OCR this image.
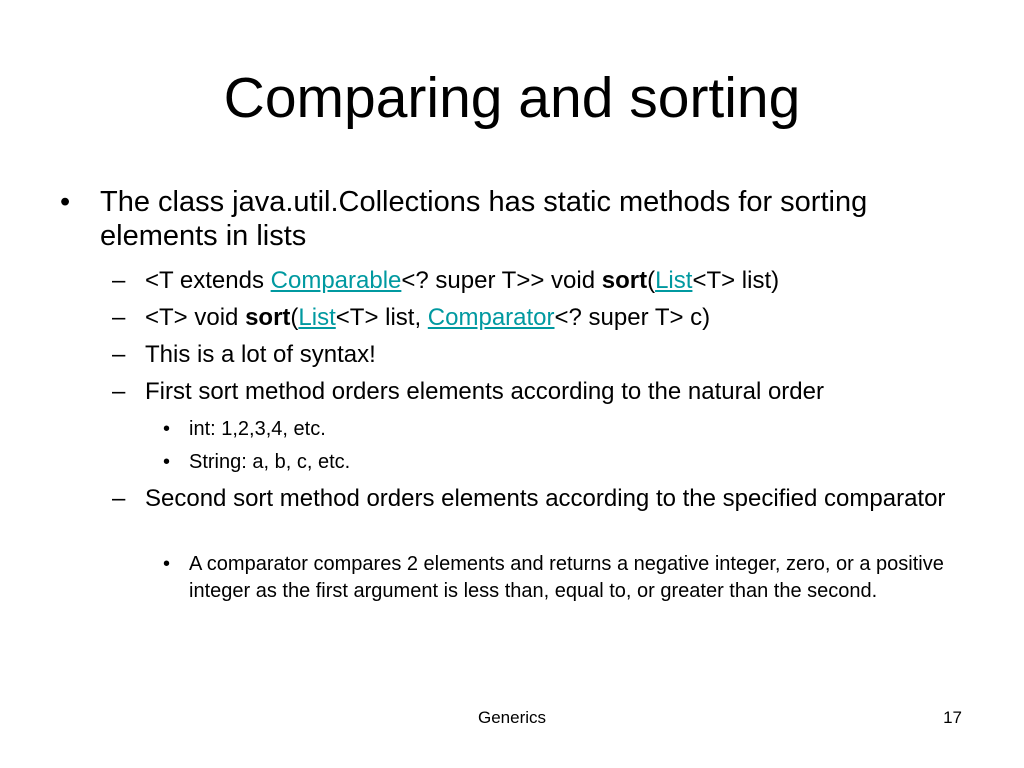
Comparing and sorting
• The class java.util.Collections has static methods for sorting elements in lists
– <T extends Comparable<? super T>> void sort(List<T> list)
– <T> void sort(List<T> list, Comparator<? super T> c)
– This is a lot of syntax!
– First sort method orders elements according to the natural order
• int: 1,2,3,4, etc.
• String: a, b, c, etc.
– Second sort method orders elements according to the specified comparator
• A comparator compares 2 elements and returns a negative integer, zero, or a positive integer as the first argument is less than, equal to, or greater than the second.
Generics	17
